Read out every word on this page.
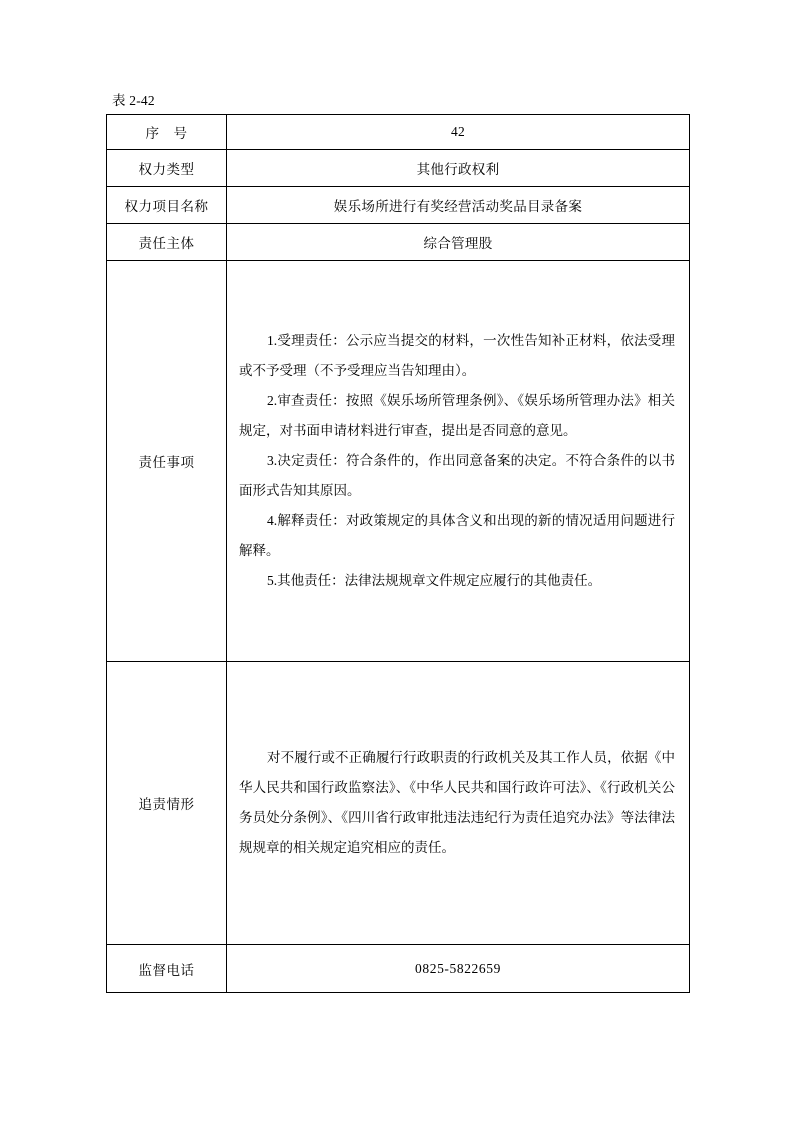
表 2-42
序　号	42

权力类型	其他行政权利

权力项目名称	娱乐场所进行有奖经营活动奖品目录备案

责任主体	综合管理股

责任事项	1.受理责任：公示应当提交的材料，一次性告知补正材料，依法受理或不予受理（不予受理应当告知理由）。

2.审查责任：按照《娱乐场所管理条例》、《娱乐场所管理办法》相关规定，对书面申请材料进行审查，提出是否同意的意见。

3.决定责任：符合条件的，作出同意备案的决定。不符合条件的以书面形式告知其原因。

4.解释责任：对政策规定的具体含义和出现的新的情况适用问题进行解释。

5.其他责任：法律法规规章文件规定应履行的其他责任。

追责情形	对不履行或不正确履行行政职责的行政机关及其工作人员，依据《中华人民共和国行政监察法》、《中华人民共和国行政许可法》、《行政机关公务员处分条例》、《四川省行政审批违法违纪行为责任追究办法》等法律法规规章的相关规定追究相应的责任。

监督电话	0825-5822659
